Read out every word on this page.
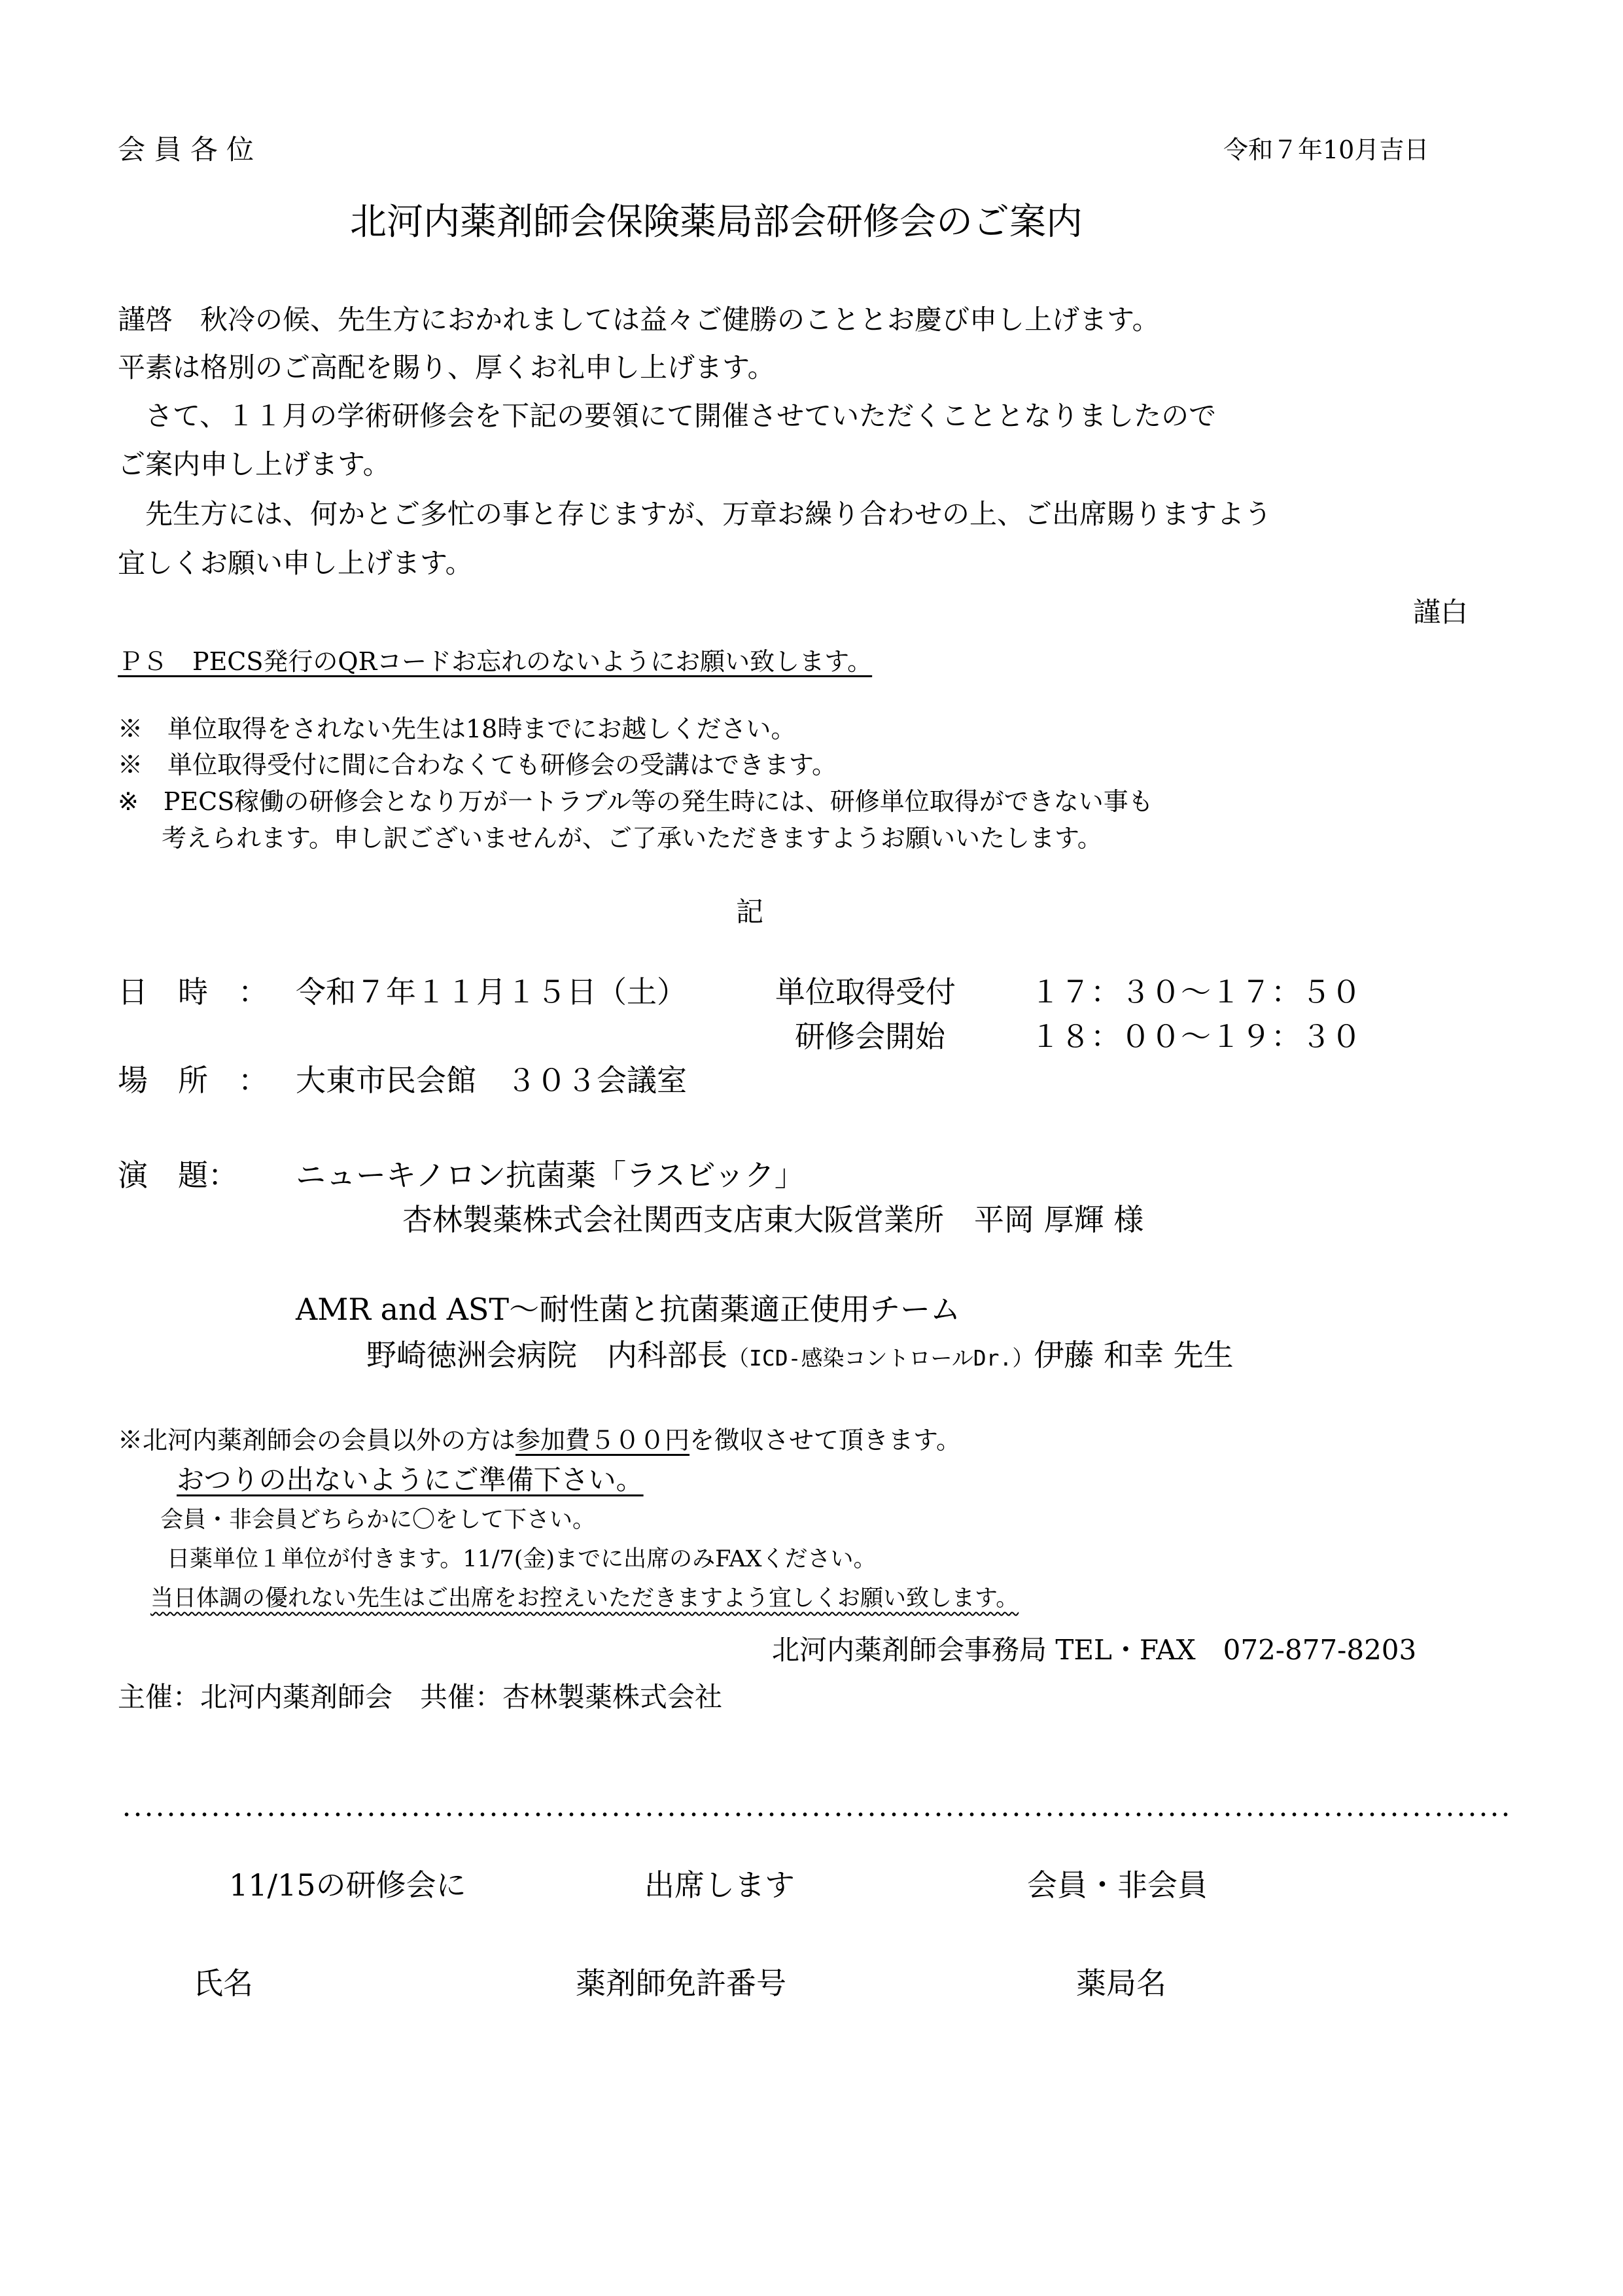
会 員 各 位	令和７年10月吉日
北河内薬剤師会保険薬局部会研修会のご案内
謹啓　秋冷の候、先生方におかれましては益々ご健勝のこととお慶び申し上げます。
平素は格別のご高配を賜り、厚くお礼申し上げます。
　さて、１１月の学術研修会を下記の要領にて開催させていただくこととなりましたので
ご案内申し上げます。
　先生方には、何かとご多忙の事と存じますが、万章お繰り合わせの上、ご出席賜りますよう
宜しくお願い申し上げます。
謹白
ＰＳ　PECS発行のQRコードお忘れのないようにお願い致します。
※　単位取得をされない先生は18時までにお越しください。
※　単位取得受付に間に合わなくても研修会の受講はできます。
※　PECS稼働の研修会となり万が一トラブル等の発生時には、研修単位取得ができない事も
考えられます。申し訳ございませんが、ご了承いただきますようお願いいたします。
記
日　時　： 令和７年１１月１５日（土）	単位取得受付 １７：３０〜１７：５０
研修会開始	１８：００〜１９：３０
場　所　： 大東市民会館　３０３会議室
演　題： ニューキノロン抗菌薬「ラスビック」
杏林製薬株式会社関西支店東大阪営業所　平岡 厚輝 様
AMR and AST〜耐性菌と抗菌薬適正使用チーム
野崎徳洲会病院　内科部長（ICD-感染コントロールDr.）伊藤 和幸 先生
※北河内薬剤師会の会員以外の方は参加費５００円を徴収させて頂きます。
おつりの出ないようにご準備下さい。
会員・非会員どちらかに〇をして下さい。
日薬単位１単位が付きます。11/7(金)までに出席のみFAXください。
当日体調の優れない先生はご出席をお控えいただきますよう宜しくお願い致します。
北河内薬剤師会事務局 TEL・FAX　072-877-8203
主催：北河内薬剤師会　共催：杏林製薬株式会社
11/15の研修会に	出席します	会員・非会員
氏名	薬剤師免許番号	薬局名
